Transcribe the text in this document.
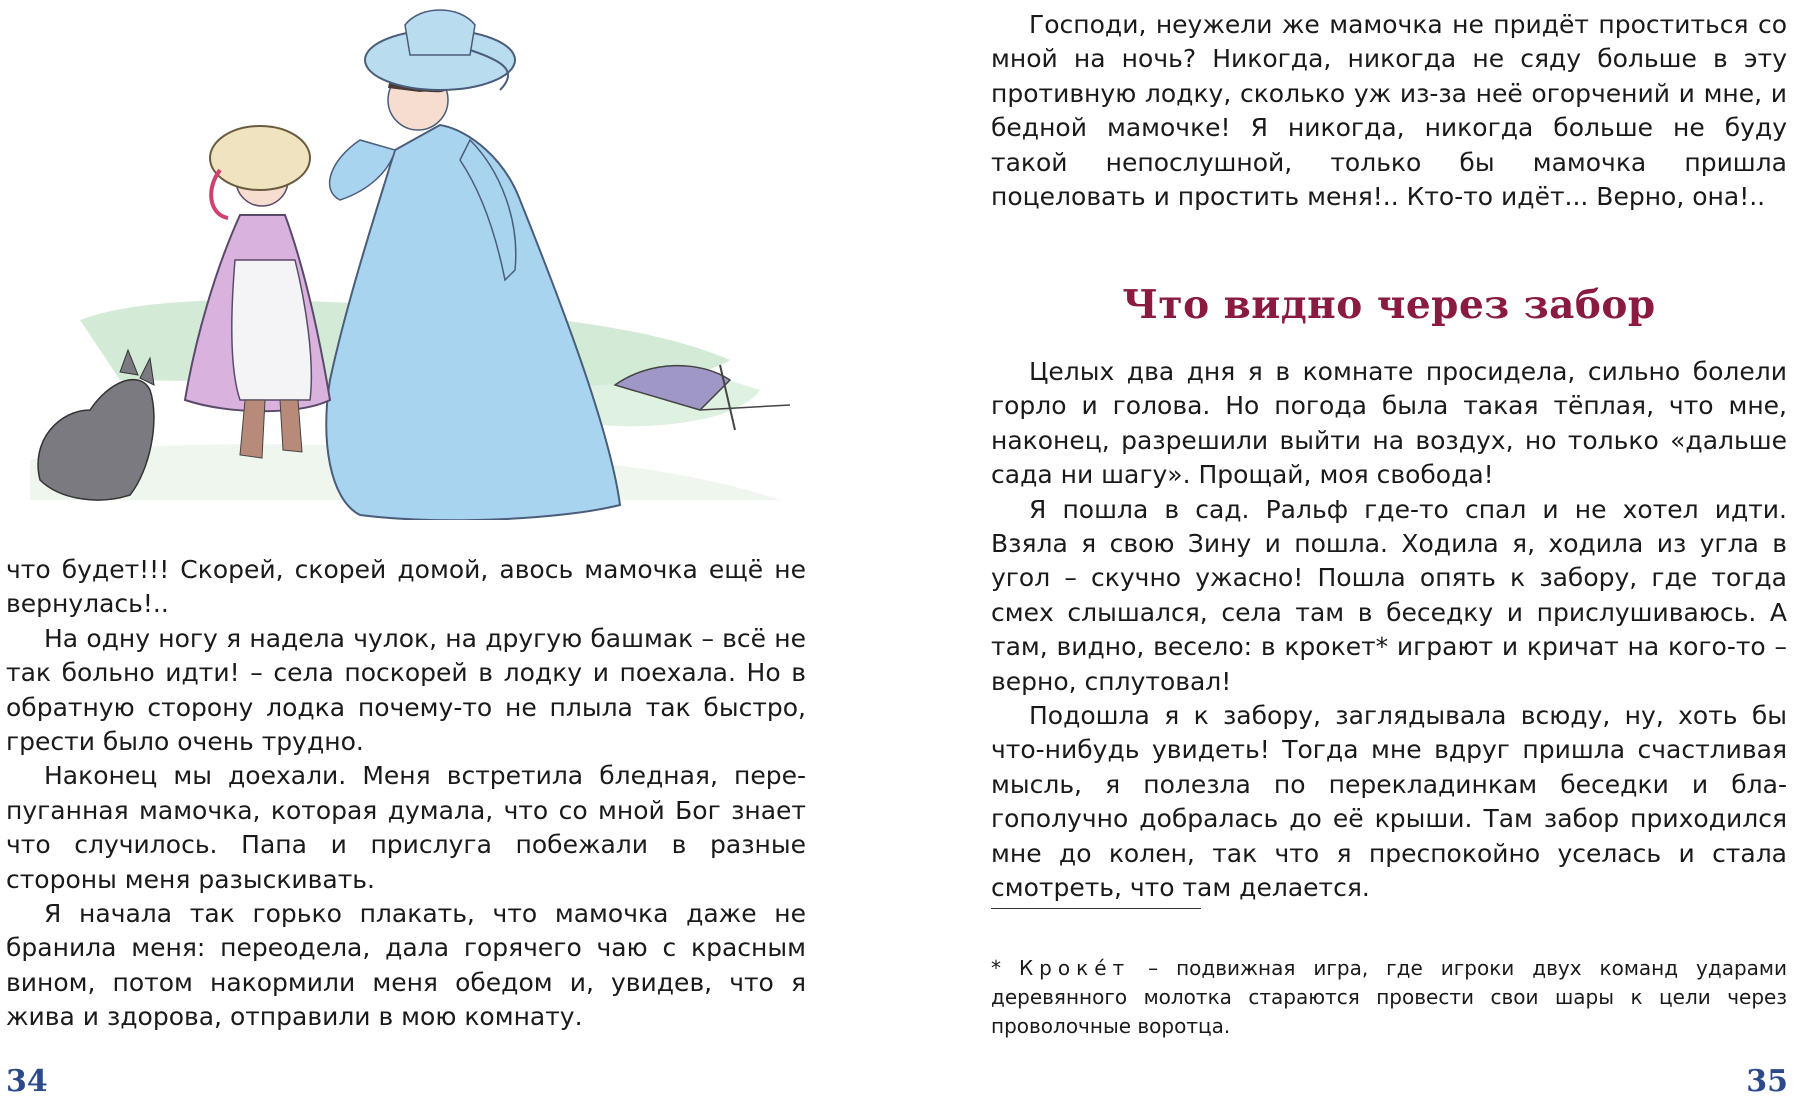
что будет!!! Скорей, скорей домой, авось мамочка ещё не вернулась!..

На одну ногу я надела чулок, на другую башмак – всё не так больно идти! – села поскорей в лодку и поехала. Но в обратную сторону лодка почему-то не плыла так быстро, грести было очень трудно.

Наконец мы доехали. Меня встретила бледная, перепуганная мамочка, которая думала, что со мной Бог знает что случилось. Папа и прислуга побежали в разные стороны меня разыскивать.

Я начала так горько плакать, что мамочка даже не бранила меня: переодела, дала горячего чаю с красным вином, потом накормили меня обедом и, увидев, что я жива и здорова, отправили в мою комнату.

34

Господи, неужели же мамочка не придёт проститься со мной на ночь? Никогда, никогда не сяду больше в эту противную лодку, сколько уж из-за неё огорчений и мне, и бедной мамочке! Я никогда, никогда больше не буду такой непослушной, только бы мамочка пришла поцеловать и простить меня!.. Кто-то идёт... Верно, она!..

Что видно через забор

Целых два дня я в комнате просидела, сильно болели горло и голова. Но погода была такая тёплая, что мне, наконец, разрешили выйти на воздух, но только «дальше сада ни шагу». Прощай, моя свобода!

Я пошла в сад. Ральф где-то спал и не хотел идти. Взяла я свою Зину и пошла. Ходила я, ходила из угла в угол – скучно ужасно! Пошла опять к забору, где тогда смех слышался, села там в беседку и прислушиваюсь. А там, видно, весело: в крокет* играют и кричат на кого-то – верно, сплутовал!

Подошла я к забору, заглядывала всюду, ну, хоть бы что-нибудь увидеть! Тогда мне вдруг пришла счастливая мысль, я полезла по перекладинкам беседки и благополучно добралась до её крыши. Там забор приходился мне до колен, так что я преспокойно уселась и стала смотреть, что там делается.

* Кроке́т – подвижная игра, где игроки двух команд ударами деревянного молотка стараются провести свои шары к цели через проволочные воротца.
35
